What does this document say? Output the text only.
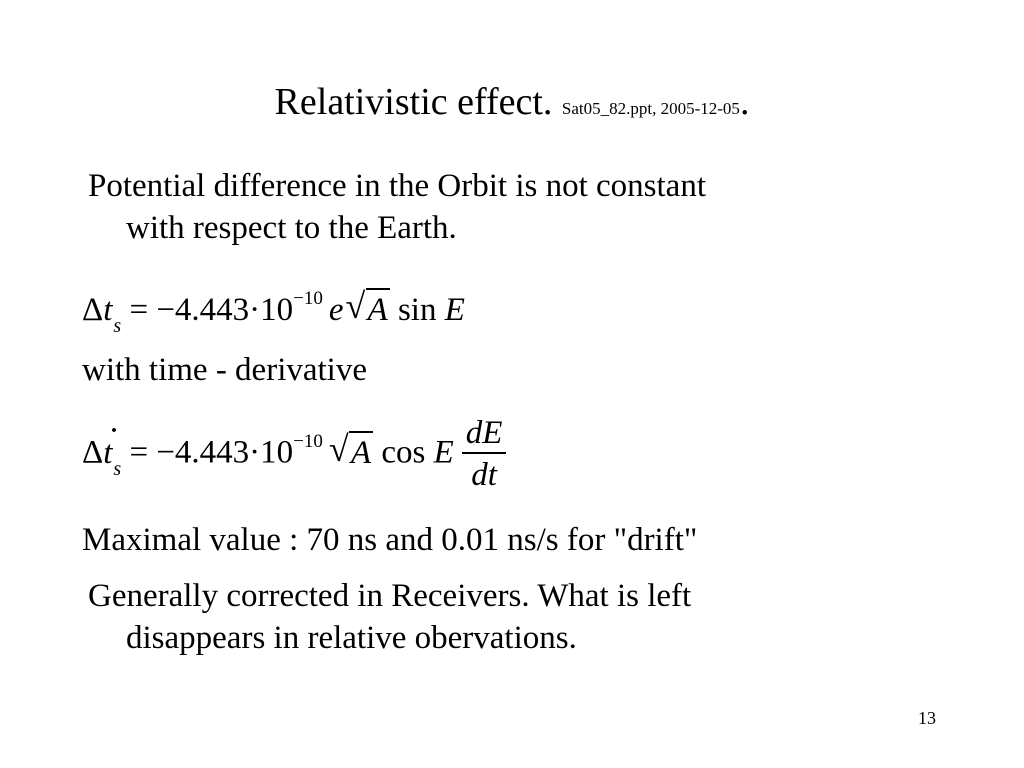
Relativistic effect. Sat05_82.ppt, 2005-12-05.
Potential difference in the Orbit is not constant
with respect to the Earth.
$\Delta t_s = -4.443\cdot 10^{-10}$ e √ A sin E
with time - derivative
$\Delta\cdot t_s = -4.443\cdot 10^{-10}$ √ A cos E $\frac{dE}{dt}$
Maximal value : 70 ns and 0.01 ns/s for "drift"
Generally corrected in Receivers. What is left
disappears in relative obervations.
13
